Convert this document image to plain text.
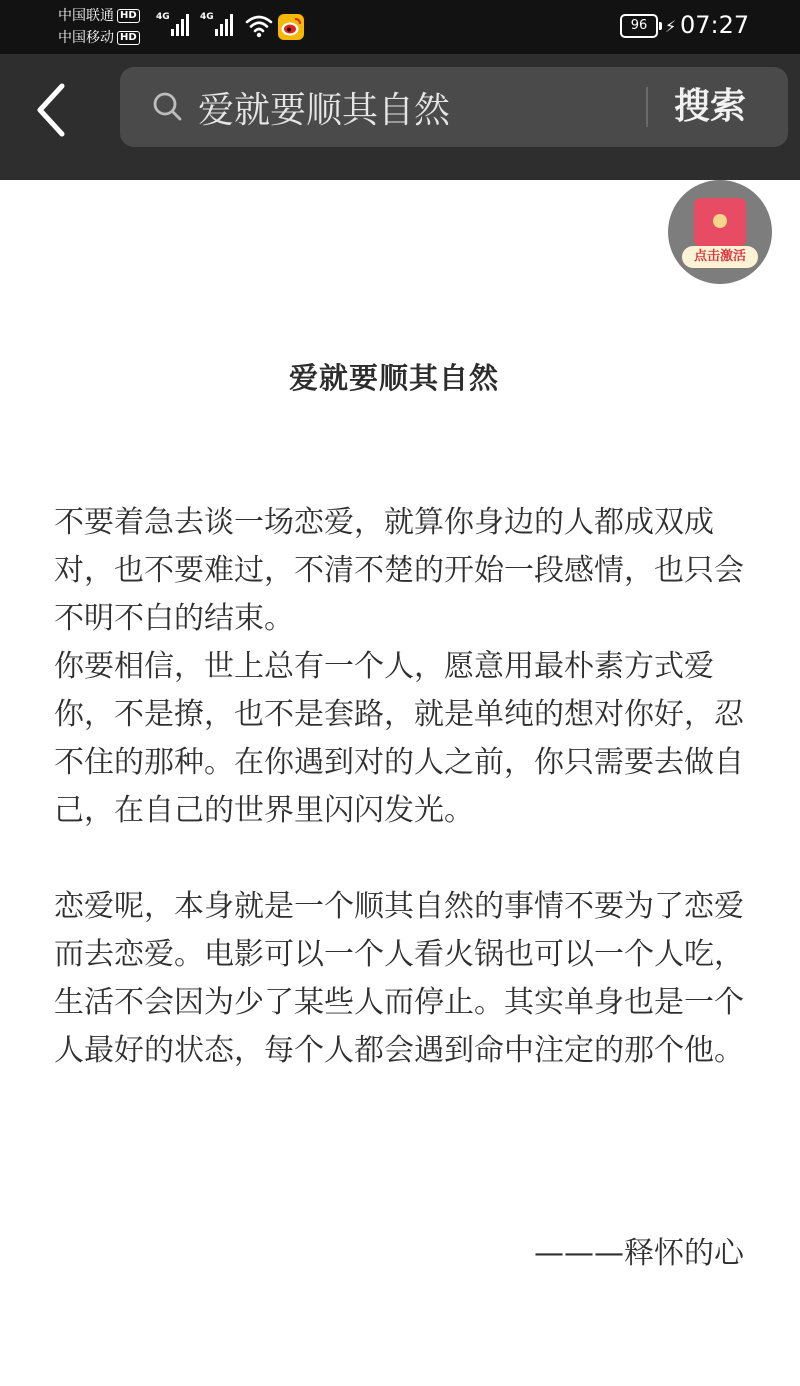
中国联通 HD
中国移动 HD
4G	4G
96	⚡ 07:27
爱就要顺其自然
搜索
点击激活
爱就要顺其自然

不要着急去谈一场恋爱，就算你身边的人都成双成对，也不要难过，不清不楚的开始一段感情，也只会不明不白的结束。

你要相信，世上总有一个人，愿意用最朴素方式爱你，不是撩，也不是套路，就是单纯的想对你好，忍不住的那种。在你遇到对的人之前，你只需要去做自己，在自己的世界里闪闪发光。

恋爱呢，本身就是一个顺其自然的事情不要为了恋爱而去恋爱。电影可以一个人看火锅也可以一个人吃，生活不会因为少了某些人而停止。其实单身也是一个人最好的状态，每个人都会遇到命中注定的那个他。

———释怀的心
